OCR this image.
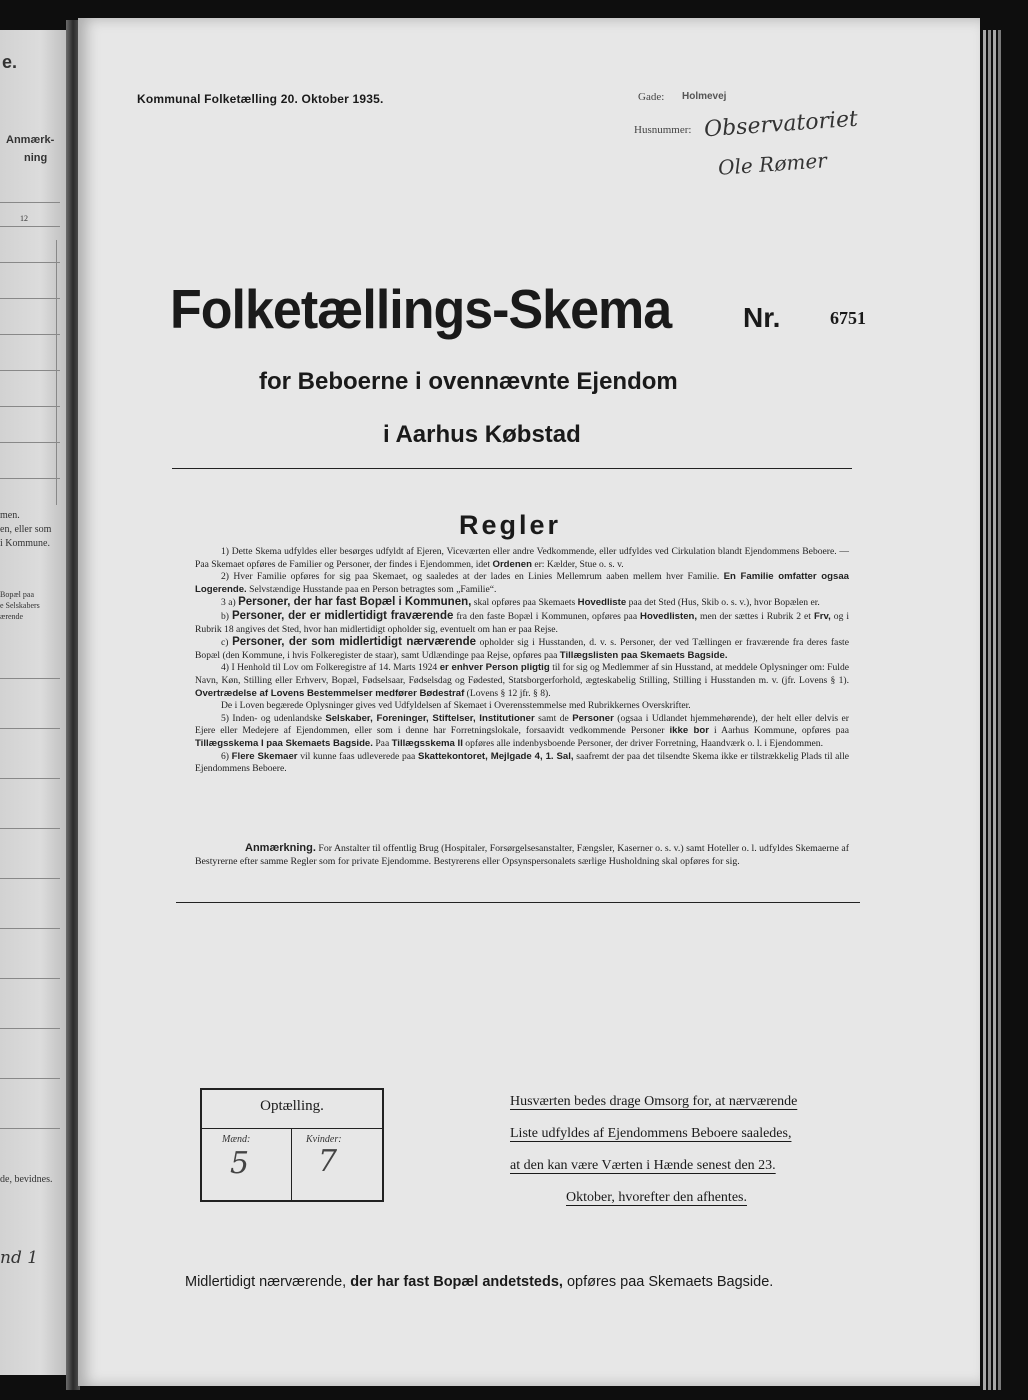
e.
Anmærk-
ning
12
men.
en, eller som
i Kommune.
Bopæl paa
e Selskabers
ærende
de, bevidnes.
nd 1
Kommunal Folketælling 20. Oktober 1935.	Gade: Holmevej
Husnummer: Observatoriet
Ole Rømer
Folketællings-Skema	Nr.	6751
for Beboerne i ovennævnte Ejendom
i Aarhus Købstad
Regler

1) Dette Skema udfyldes eller besørges udfyldt af Ejeren, Viceværten eller andre Vedkommende, eller udfyldes ved Cirkulation blandt Ejendommens Beboere. — Paa Skemaet opføres de Familier og Personer, der findes i Ejendommen, idet Ordenen er: Kælder, Stue o. s. v.

2) Hver Familie opføres for sig paa Skemaet, og saaledes at der lades en Linies Mellemrum aaben mellem hver Familie. En Familie omfatter ogsaa Logerende. Selvstændige Husstande paa en Person betragtes som „Familie“.

3 a) Personer, der har fast Bopæl i Kommunen, skal opføres paa Skemaets Hovedliste paa det Sted (Hus, Skib o. s. v.), hvor Bopælen er.

b) Personer, der er midlertidigt fraværende fra den faste Bopæl i Kommunen, opføres paa Hovedlisten, men der sættes i Rubrik 2 et Frv, og i Rubrik 18 angives det Sted, hvor han midlertidigt opholder sig, eventuelt om han er paa Rejse.

c) Personer, der som midlertidigt nærværende opholder sig i Husstanden, d. v. s. Personer, der ved Tællingen er fraværende fra deres faste Bopæl (den Kommune, i hvis Folkeregister de staar), samt Udlændinge paa Rejse, opføres paa Tillægslisten paa Skemaets Bagside.

4) I Henhold til Lov om Folkeregistre af 14. Marts 1924 er enhver Person pligtig til for sig og Medlemmer af sin Husstand, at meddele Oplysninger om: Fulde Navn, Køn, Stilling eller Erhverv, Bopæl, Fødselsaar, Fødselsdag og Fødested, Statsborgerforhold, ægteskabelig Stilling, Stilling i Husstanden m. v. (jfr. Lovens § 1). Overtrædelse af Lovens Bestemmelser medfører Bødestraf (Lovens § 12 jfr. § 8).

De i Loven begærede Oplysninger gives ved Udfyldelsen af Skemaet i Overensstemmelse med Rubrikkernes Overskrifter.

5) Inden- og udenlandske Selskaber, Foreninger, Stiftelser, Institutioner samt de Personer (ogsaa i Udlandet hjemmehørende), der helt eller delvis er Ejere eller Medejere af Ejendommen, eller som i denne har Forretningslokale, forsaavidt vedkommende Personer ikke bor i Aarhus Kommune, opføres paa Tillægsskema I paa Skemaets Bagside. Paa Tillægsskema II opføres alle indenbysboende Personer, der driver Forretning, Haandværk o. l. i Ejendommen.

6) Flere Skemaer vil kunne faas udleverede paa Skattekontoret, Mejlgade 4, 1. Sal, saafremt der paa det tilsendte Skema ikke er tilstrækkelig Plads til alle Ejendommens Beboere.

Anmærkning. For Anstalter til offentlig Brug (Hospitaler, Forsørgelsesanstalter, Fængsler, Kaserner o. s. v.) samt Hoteller o. l. udfyldes Skemaerne af Bestyrerne efter samme Regler som for private Ejendomme. Bestyrerens eller Opsynspersonalets særlige Husholdning skal opføres for sig.
Optælling.
Mænd:	Kvinder:
5 7
Husværten bedes drage Omsorg for, at nærværende
Liste udfyldes af Ejendommens Beboere saaledes,
at den kan være Værten i Hænde senest den 23.
Oktober, hvorefter den afhentes.
Midlertidigt nærværende, der har fast Bopæl andetsteds, opføres paa Skemaets Bagside.
